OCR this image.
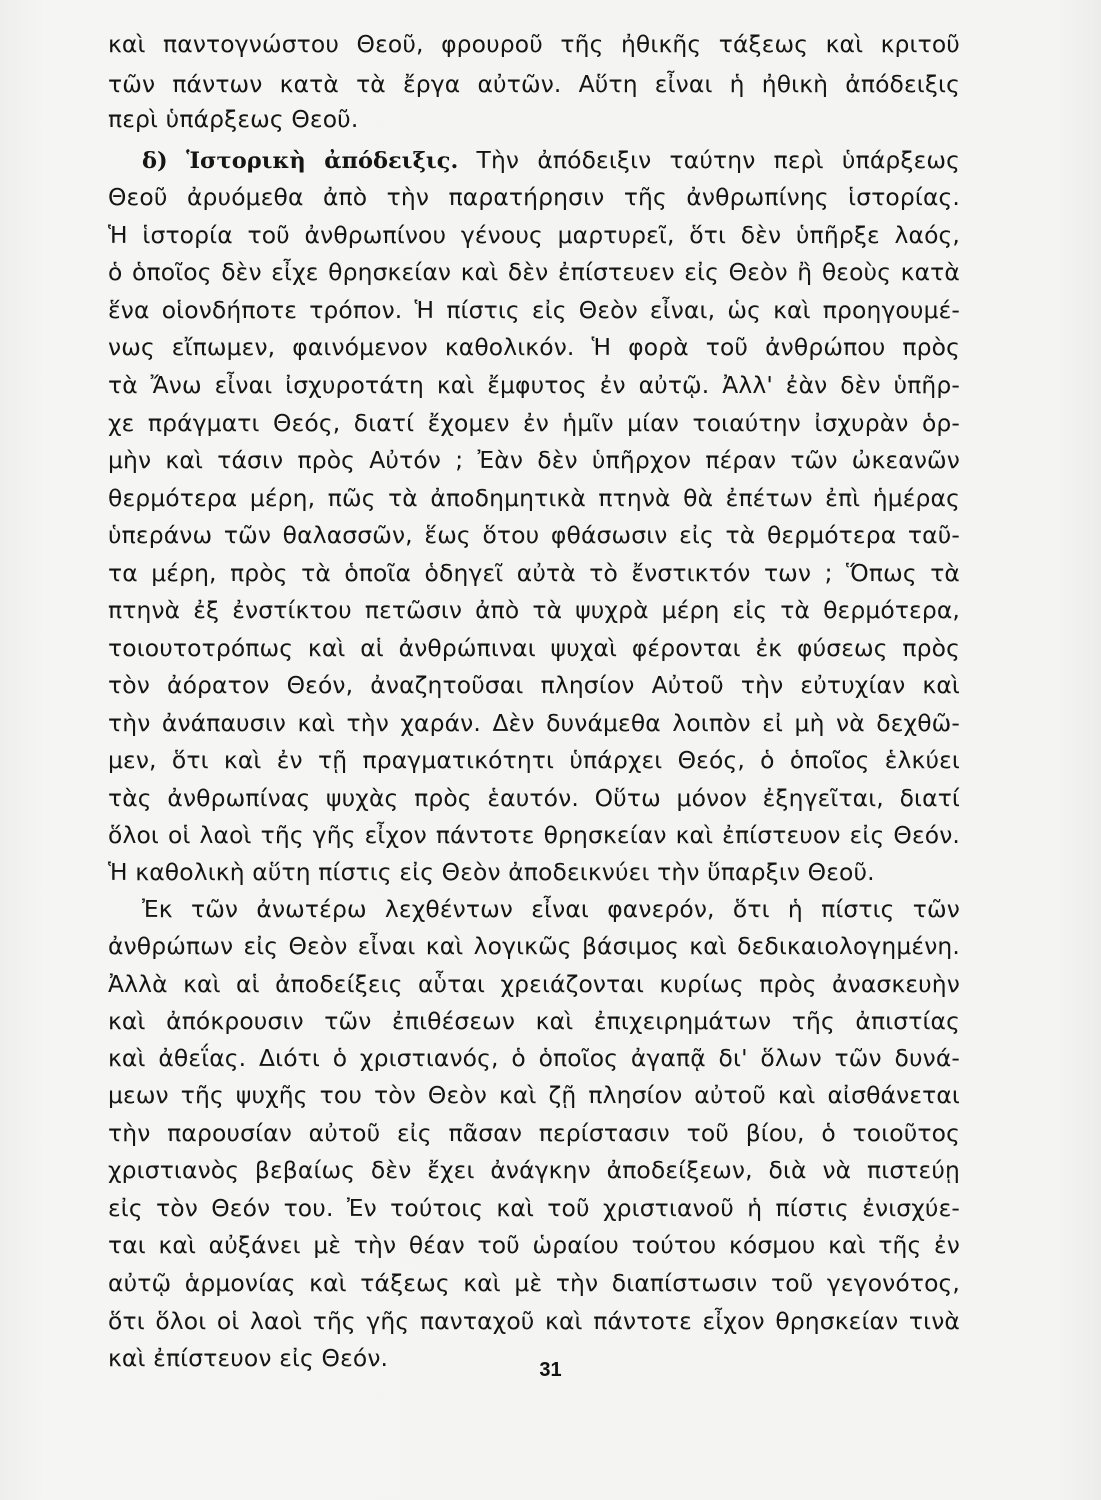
καὶ παντογνώστου Θεοῦ, φρουροῦ τῆς ἠθικῆς τάξεως καὶ κριτοῦ
τῶν πάντων κατὰ τὰ ἔργα αὐτῶν. Αὕτη εἶναι ἡ ἠθικὴ ἀπόδειξις
περὶ ὑπάρξεως Θεοῦ.
δ) Ἱστορικὴ ἀπόδειξις. Τὴν ἀπόδειξιν ταύτην περὶ ὑπάρξεως
Θεοῦ ἀρυόμεθα ἀπὸ τὴν παρατήρησιν τῆς ἀνθρωπίνης ἱστορίας.
Ἡ ἱστορία τοῦ ἀνθρωπίνου γένους μαρτυρεῖ, ὅτι δὲν ὑπῆρξε λαός,
ὁ ὁποῖος δὲν εἶχε θρησκείαν καὶ δὲν ἐπίστευεν εἰς Θεὸν ἢ θεοὺς κατὰ
ἕνα οἱονδήποτε τρόπον. Ἡ πίστις εἰς Θεὸν εἶναι, ὡς καὶ προηγουμέ-
νως εἴπωμεν, φαινόμενον καθολικόν. Ἡ φορὰ τοῦ ἀνθρώπου πρὸς
τὰ Ἄνω εἶναι ἰσχυροτάτη καὶ ἔμφυτος ἐν αὐτῷ. Ἀλλ' ἐὰν δὲν ὑπῆρ-
χε πράγματι Θεός, διατί ἔχομεν ἐν ἡμῖν μίαν τοιαύτην ἰσχυρὰν ὁρ-
μὴν καὶ τάσιν πρὸς Αὐτόν ; Ἐὰν δὲν ὑπῆρχον πέραν τῶν ὠκεανῶν
θερμότερα μέρη, πῶς τὰ ἀποδημητικὰ πτηνὰ θὰ ἐπέτων ἐπὶ ἡμέρας
ὑπεράνω τῶν θαλασσῶν, ἕως ὅτου φθάσωσιν εἰς τὰ θερμότερα ταῦ-
τα μέρη, πρὸς τὰ ὁποῖα ὁδηγεῖ αὐτὰ τὸ ἔνστικτόν των ; Ὅπως τὰ
πτηνὰ ἐξ ἐνστίκτου πετῶσιν ἀπὸ τὰ ψυχρὰ μέρη εἰς τὰ θερμότερα,
τοιουτοτρόπως καὶ αἱ ἀνθρώπιναι ψυχαὶ φέρονται ἐκ φύσεως πρὸς
τὸν ἀόρατον Θεόν, ἀναζητοῦσαι πλησίον Αὐτοῦ τὴν εὐτυχίαν καὶ
τὴν ἀνάπαυσιν καὶ τὴν χαράν. Δὲν δυνάμεθα λοιπὸν εἰ μὴ νὰ δεχθῶ-
μεν, ὅτι καὶ ἐν τῇ πραγματικότητι ὑπάρχει Θεός, ὁ ὁποῖος ἑλκύει
τὰς ἀνθρωπίνας ψυχὰς πρὸς ἑαυτόν. Οὕτω μόνον ἐξηγεῖται, διατί
ὅλοι οἱ λαοὶ τῆς γῆς εἶχον πάντοτε θρησκείαν καὶ ἐπίστευον εἰς Θεόν.
Ἡ καθολικὴ αὕτη πίστις εἰς Θεὸν ἀποδεικνύει τὴν ὕπαρξιν Θεοῦ.
Ἐκ τῶν ἀνωτέρω λεχθέντων εἶναι φανερόν, ὅτι ἡ πίστις τῶν
ἀνθρώπων εἰς Θεὸν εἶναι καὶ λογικῶς βάσιμος καὶ δεδικαιολογημένη.
Ἀλλὰ καὶ αἱ ἀποδείξεις αὗται χρειάζονται κυρίως πρὸς ἀνασκευὴν
καὶ ἀπόκρουσιν τῶν ἐπιθέσεων καὶ ἐπιχειρημάτων τῆς ἀπιστίας
καὶ ἀθεΐας. Διότι ὁ χριστιανός, ὁ ὁποῖος ἀγαπᾷ δι' ὅλων τῶν δυνά-
μεων τῆς ψυχῆς του τὸν Θεὸν καὶ ζῇ πλησίον αὐτοῦ καὶ αἰσθάνεται
τὴν παρουσίαν αὐτοῦ εἰς πᾶσαν περίστασιν τοῦ βίου, ὁ τοιοῦτος
χριστιανὸς βεβαίως δὲν ἔχει ἀνάγκην ἀποδείξεων, διὰ νὰ πιστεύῃ
εἰς τὸν Θεόν του. Ἐν τούτοις καὶ τοῦ χριστιανοῦ ἡ πίστις ἐνισχύε-
ται καὶ αὐξάνει μὲ τὴν θέαν τοῦ ὡραίου τούτου κόσμου καὶ τῆς ἐν
αὐτῷ ἁρμονίας καὶ τάξεως καὶ μὲ τὴν διαπίστωσιν τοῦ γεγονότος,
ὅτι ὅλοι οἱ λαοὶ τῆς γῆς πανταχοῦ καὶ πάντοτε εἶχον θρησκείαν τινὰ
καὶ ἐπίστευον εἰς Θεόν.	31
